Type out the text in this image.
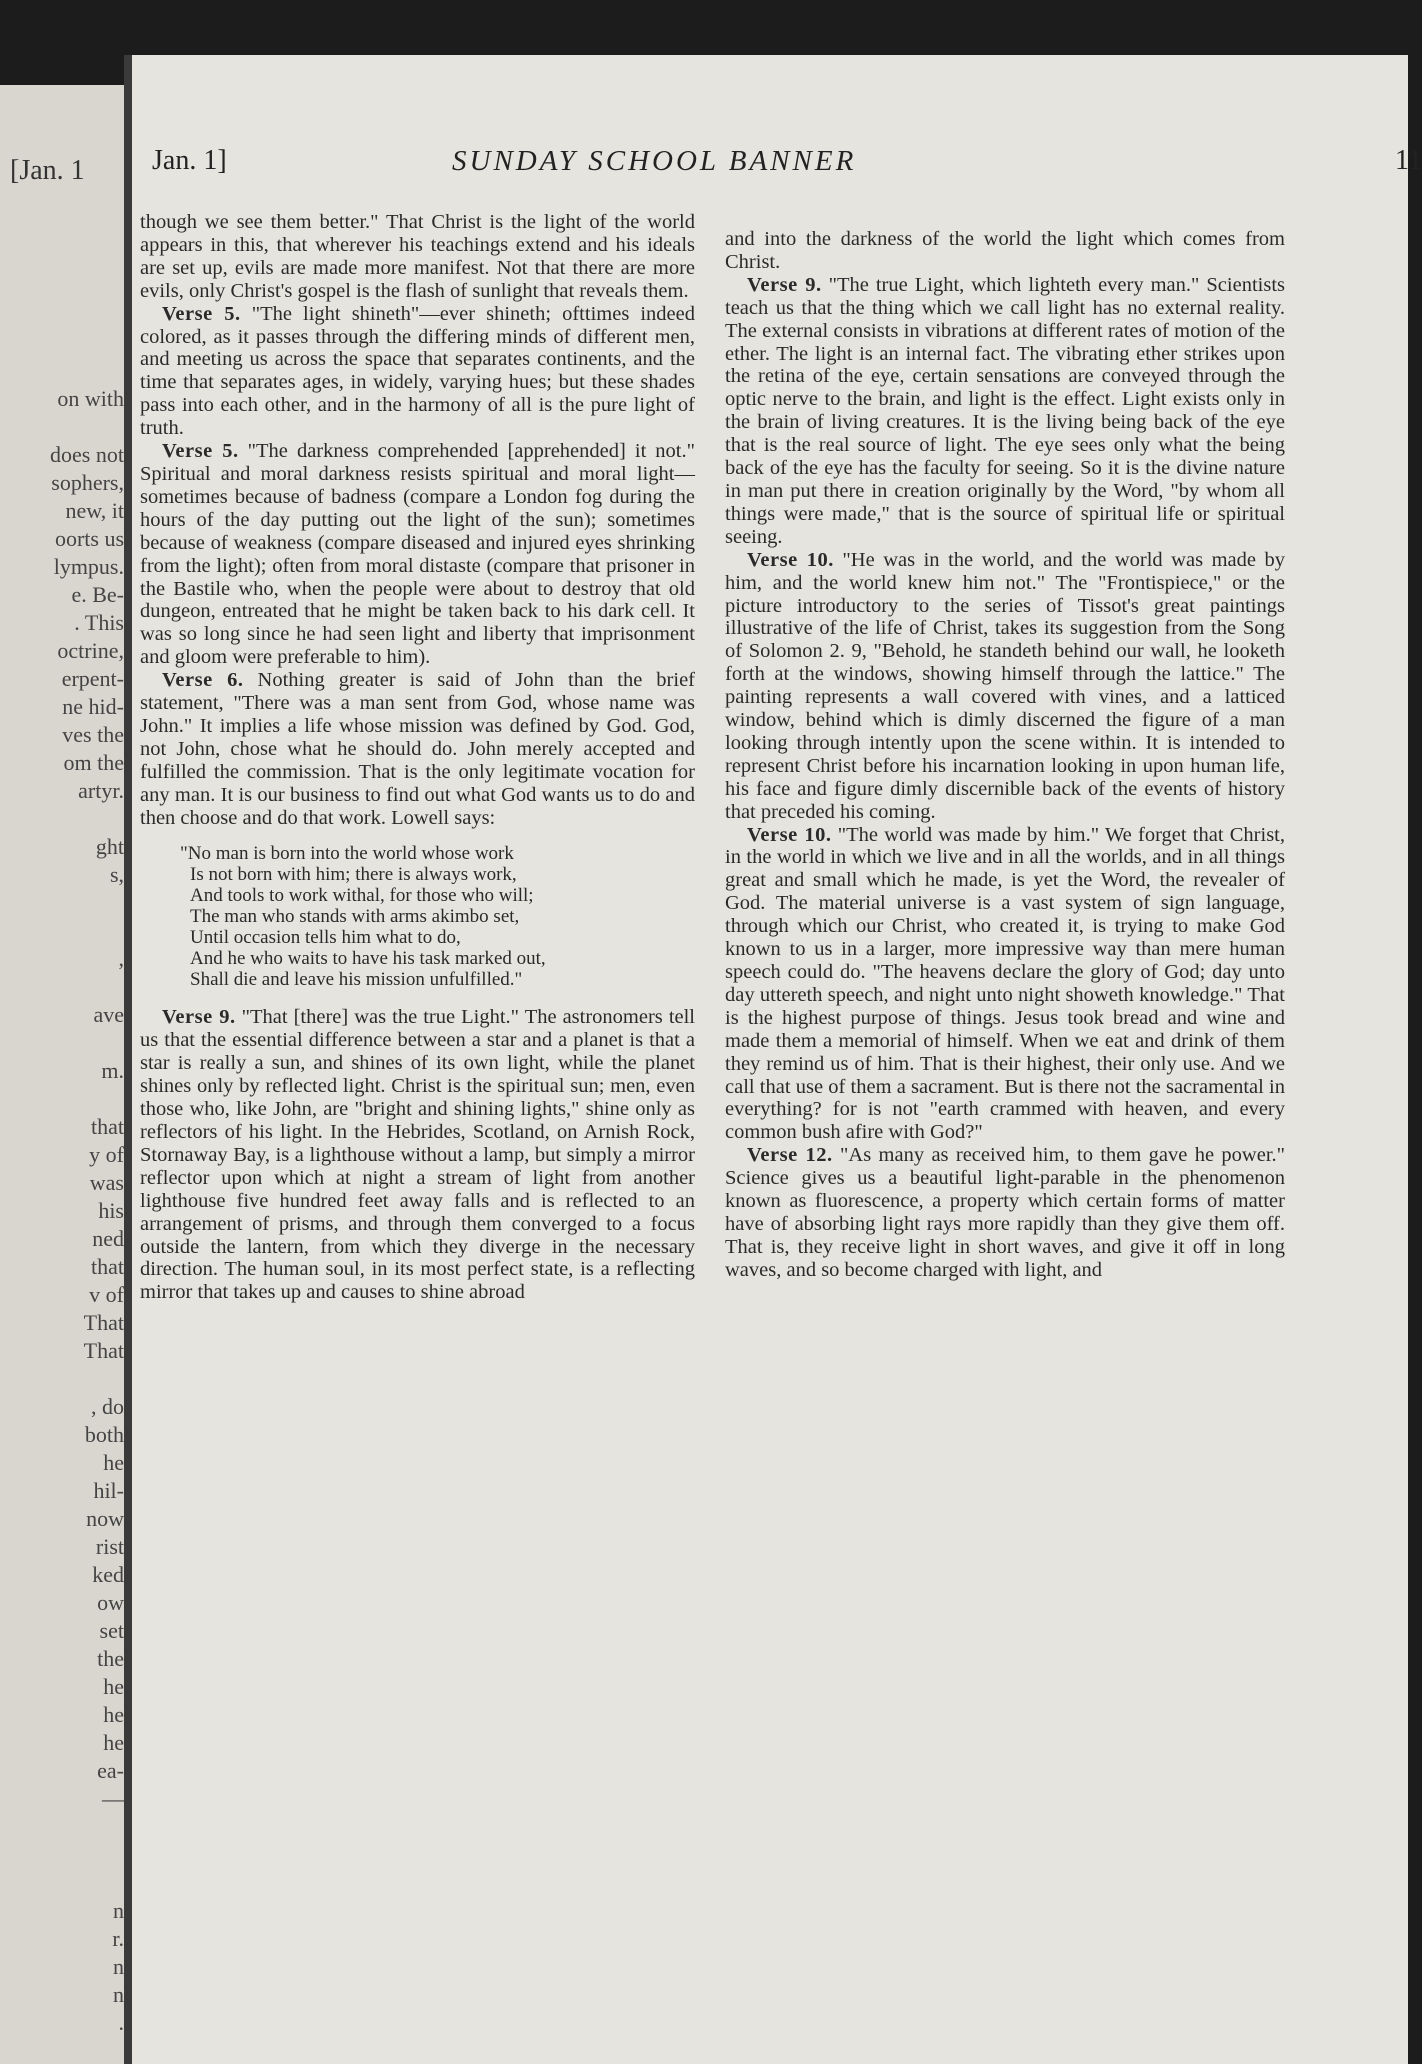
[Jan. 1
on with

does not
sophers,
new, it
oorts us
lympus.
e. Be-
. This
octrine,
erpent-
ne hid-
ves the
om the
artyr.

ght
s,

,

ave

m.

that
y of
was
his
ned
that
v of
That
That

, do
both
he
hil-
now
rist
ked
ow
set
the
he
he
he
ea-
—

n
r.
n
n
.
Jan. 1]	SUNDAY SCHOOL BANNER	11

though we see them better." That Christ is the light of the world appears in this, that wherever his teachings extend and his ideals are set up, evils are made more manifest. Not that there are more evils, only Christ's gospel is the flash of sunlight that reveals them.

Verse 5. "The light shineth"—ever shineth; ofttimes indeed colored, as it passes through the differing minds of different men, and meeting us across the space that separates continents, and the time that separates ages, in widely, varying hues; but these shades pass into each other, and in the harmony of all is the pure light of truth.

Verse 5. "The darkness comprehended [apprehended] it not." Spiritual and moral darkness resists spiritual and moral light—sometimes because of badness (compare a London fog during the hours of the day putting out the light of the sun); sometimes because of weakness (compare diseased and injured eyes shrinking from the light); often from moral distaste (compare that prisoner in the Bastile who, when the people were about to destroy that old dungeon, entreated that he might be taken back to his dark cell. It was so long since he had seen light and liberty that imprisonment and gloom were preferable to him).

Verse 6. Nothing greater is said of John than the brief statement, "There was a man sent from God, whose name was John." It implies a life whose mission was defined by God. God, not John, chose what he should do. John merely accepted and fulfilled the commission. That is the only legitimate vocation for any man. It is our business to find out what God wants us to do and then choose and do that work. Lowell says:

"No man is born into the world whose work
Is not born with him; there is always work,
And tools to work withal, for those who will;
The man who stands with arms akimbo set,
Until occasion tells him what to do,
And he who waits to have his task marked out,
Shall die and leave his mission unfulfilled."

Verse 9. "That [there] was the true Light." The astronomers tell us that the essential difference between a star and a planet is that a star is really a sun, and shines of its own light, while the planet shines only by reflected light. Christ is the spiritual sun; men, even those who, like John, are "bright and shining lights," shine only as reflectors of his light. In the Hebrides, Scotland, on Arnish Rock, Stornaway Bay, is a lighthouse without a lamp, but simply a mirror reflector upon which at night a stream of light from another lighthouse five hundred feet away falls and is reflected to an arrangement of prisms, and through them converged to a focus outside the lantern, from which they diverge in the necessary direction. The human soul, in its most perfect state, is a reflecting mirror that takes up and causes to shine abroad

and into the darkness of the world the light which comes from Christ.

Verse 9. "The true Light, which lighteth every man." Scientists teach us that the thing which we call light has no external reality. The external consists in vibrations at different rates of motion of the ether. The light is an internal fact. The vibrating ether strikes upon the retina of the eye, certain sensations are conveyed through the optic nerve to the brain, and light is the effect. Light exists only in the brain of living creatures. It is the living being back of the eye that is the real source of light. The eye sees only what the being back of the eye has the faculty for seeing. So it is the divine nature in man put there in creation originally by the Word, "by whom all things were made," that is the source of spiritual life or spiritual seeing.

Verse 10. "He was in the world, and the world was made by him, and the world knew him not." The "Frontispiece," or the picture introductory to the series of Tissot's great paintings illustrative of the life of Christ, takes its suggestion from the Song of Solomon 2. 9, "Behold, he standeth behind our wall, he looketh forth at the windows, showing himself through the lattice." The painting represents a wall covered with vines, and a latticed window, behind which is dimly discerned the figure of a man looking through intently upon the scene within. It is intended to represent Christ before his incarnation looking in upon human life, his face and figure dimly discernible back of the events of history that preceded his coming.

Verse 10. "The world was made by him." We forget that Christ, in the world in which we live and in all the worlds, and in all things great and small which he made, is yet the Word, the revealer of God. The material universe is a vast system of sign language, through which our Christ, who created it, is trying to make God known to us in a larger, more impressive way than mere human speech could do. "The heavens declare the glory of God; day unto day uttereth speech, and night unto night showeth knowledge." That is the highest purpose of things. Jesus took bread and wine and made them a memorial of himself. When we eat and drink of them they remind us of him. That is their highest, their only use. And we call that use of them a sacrament. But is there not the sacramental in everything? for is not "earth crammed with heaven, and every common bush afire with God?"

Verse 12. "As many as received him, to them gave he power." Science gives us a beautiful light-parable in the phenomenon known as fluorescence, a property which certain forms of matter have of absorbing light rays more rapidly than they give them off. That is, they receive light in short waves, and give it off in long waves, and so become charged with light, and
